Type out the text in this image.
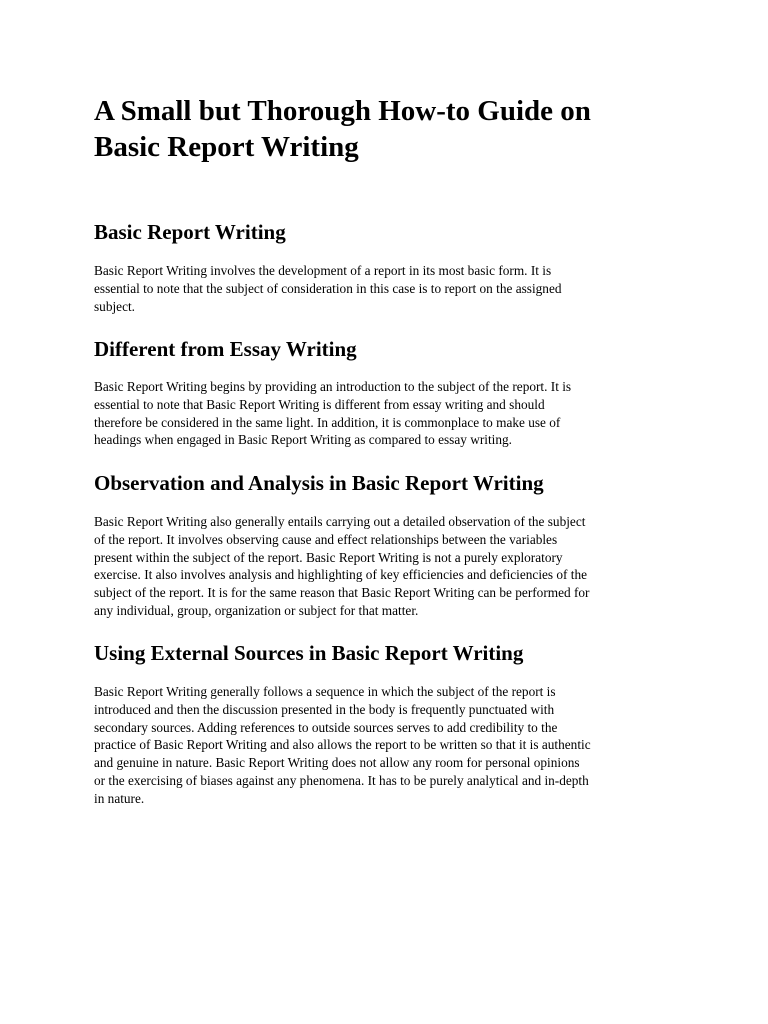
A Small but Thorough How-to Guide on
Basic Report Writing
Basic Report Writing

Basic Report Writing involves the development of a report in its most basic form. It is
essential to note that the subject of consideration in this case is to report on the assigned
subject.

Different from Essay Writing

Basic Report Writing begins by providing an introduction to the subject of the report. It is
essential to note that Basic Report Writing is different from essay writing and should
therefore be considered in the same light. In addition, it is commonplace to make use of
headings when engaged in Basic Report Writing as compared to essay writing.

Observation and Analysis in Basic Report Writing

Basic Report Writing also generally entails carrying out a detailed observation of the subject
of the report. It involves observing cause and effect relationships between the variables
present within the subject of the report. Basic Report Writing is not a purely exploratory
exercise. It also involves analysis and highlighting of key efficiencies and deficiencies of the
subject of the report. It is for the same reason that Basic Report Writing can be performed for
any individual, group, organization or subject for that matter.

Using External Sources in Basic Report Writing

Basic Report Writing generally follows a sequence in which the subject of the report is
introduced and then the discussion presented in the body is frequently punctuated with
secondary sources. Adding references to outside sources serves to add credibility to the
practice of Basic Report Writing and also allows the report to be written so that it is authentic
and genuine in nature. Basic Report Writing does not allow any room for personal opinions
or the exercising of biases against any phenomena. It has to be purely analytical and in-depth
in nature.
